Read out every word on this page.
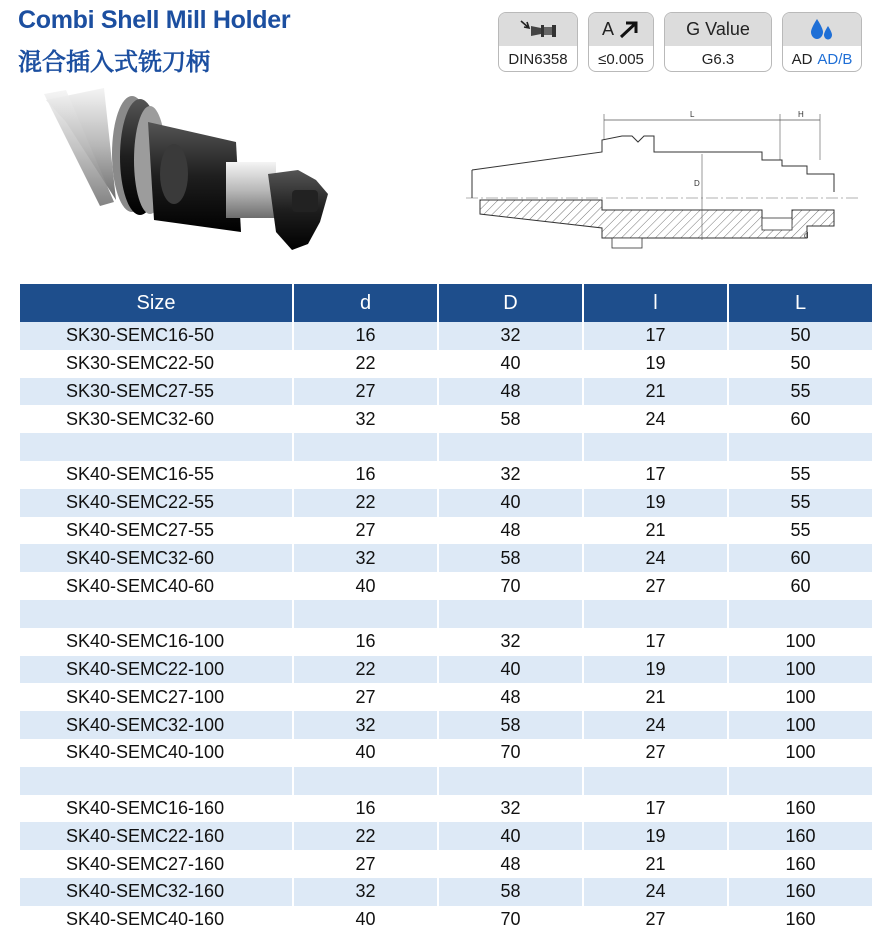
Combi Shell Mill Holder
混合插入式铣刀柄	DIN6358
A
≤0.005
G Value
G6.3	AD AD/B
L	H
D
d
Size	d	D	l	L
SK30-SEMC16-50	16	32	17	50
SK30-SEMC22-50	22	40	19	50
SK30-SEMC27-55	27	48	21	55
SK30-SEMC32-60	32	58	24	60

SK40-SEMC16-55	16	32	17	55
SK40-SEMC22-55	22	40	19	55
SK40-SEMC27-55	27	48	21	55
SK40-SEMC32-60	32	58	24	60
SK40-SEMC40-60	40	70	27	60

SK40-SEMC16-100	16	32	17	100
SK40-SEMC22-100	22	40	19	100
SK40-SEMC27-100	27	48	21	100
SK40-SEMC32-100	32	58	24	100
SK40-SEMC40-100	40	70	27	100

SK40-SEMC16-160	16	32	17	160
SK40-SEMC22-160	22	40	19	160
SK40-SEMC27-160	27	48	21	160
SK40-SEMC32-160	32	58	24	160
SK40-SEMC40-160	40	70	27	160
